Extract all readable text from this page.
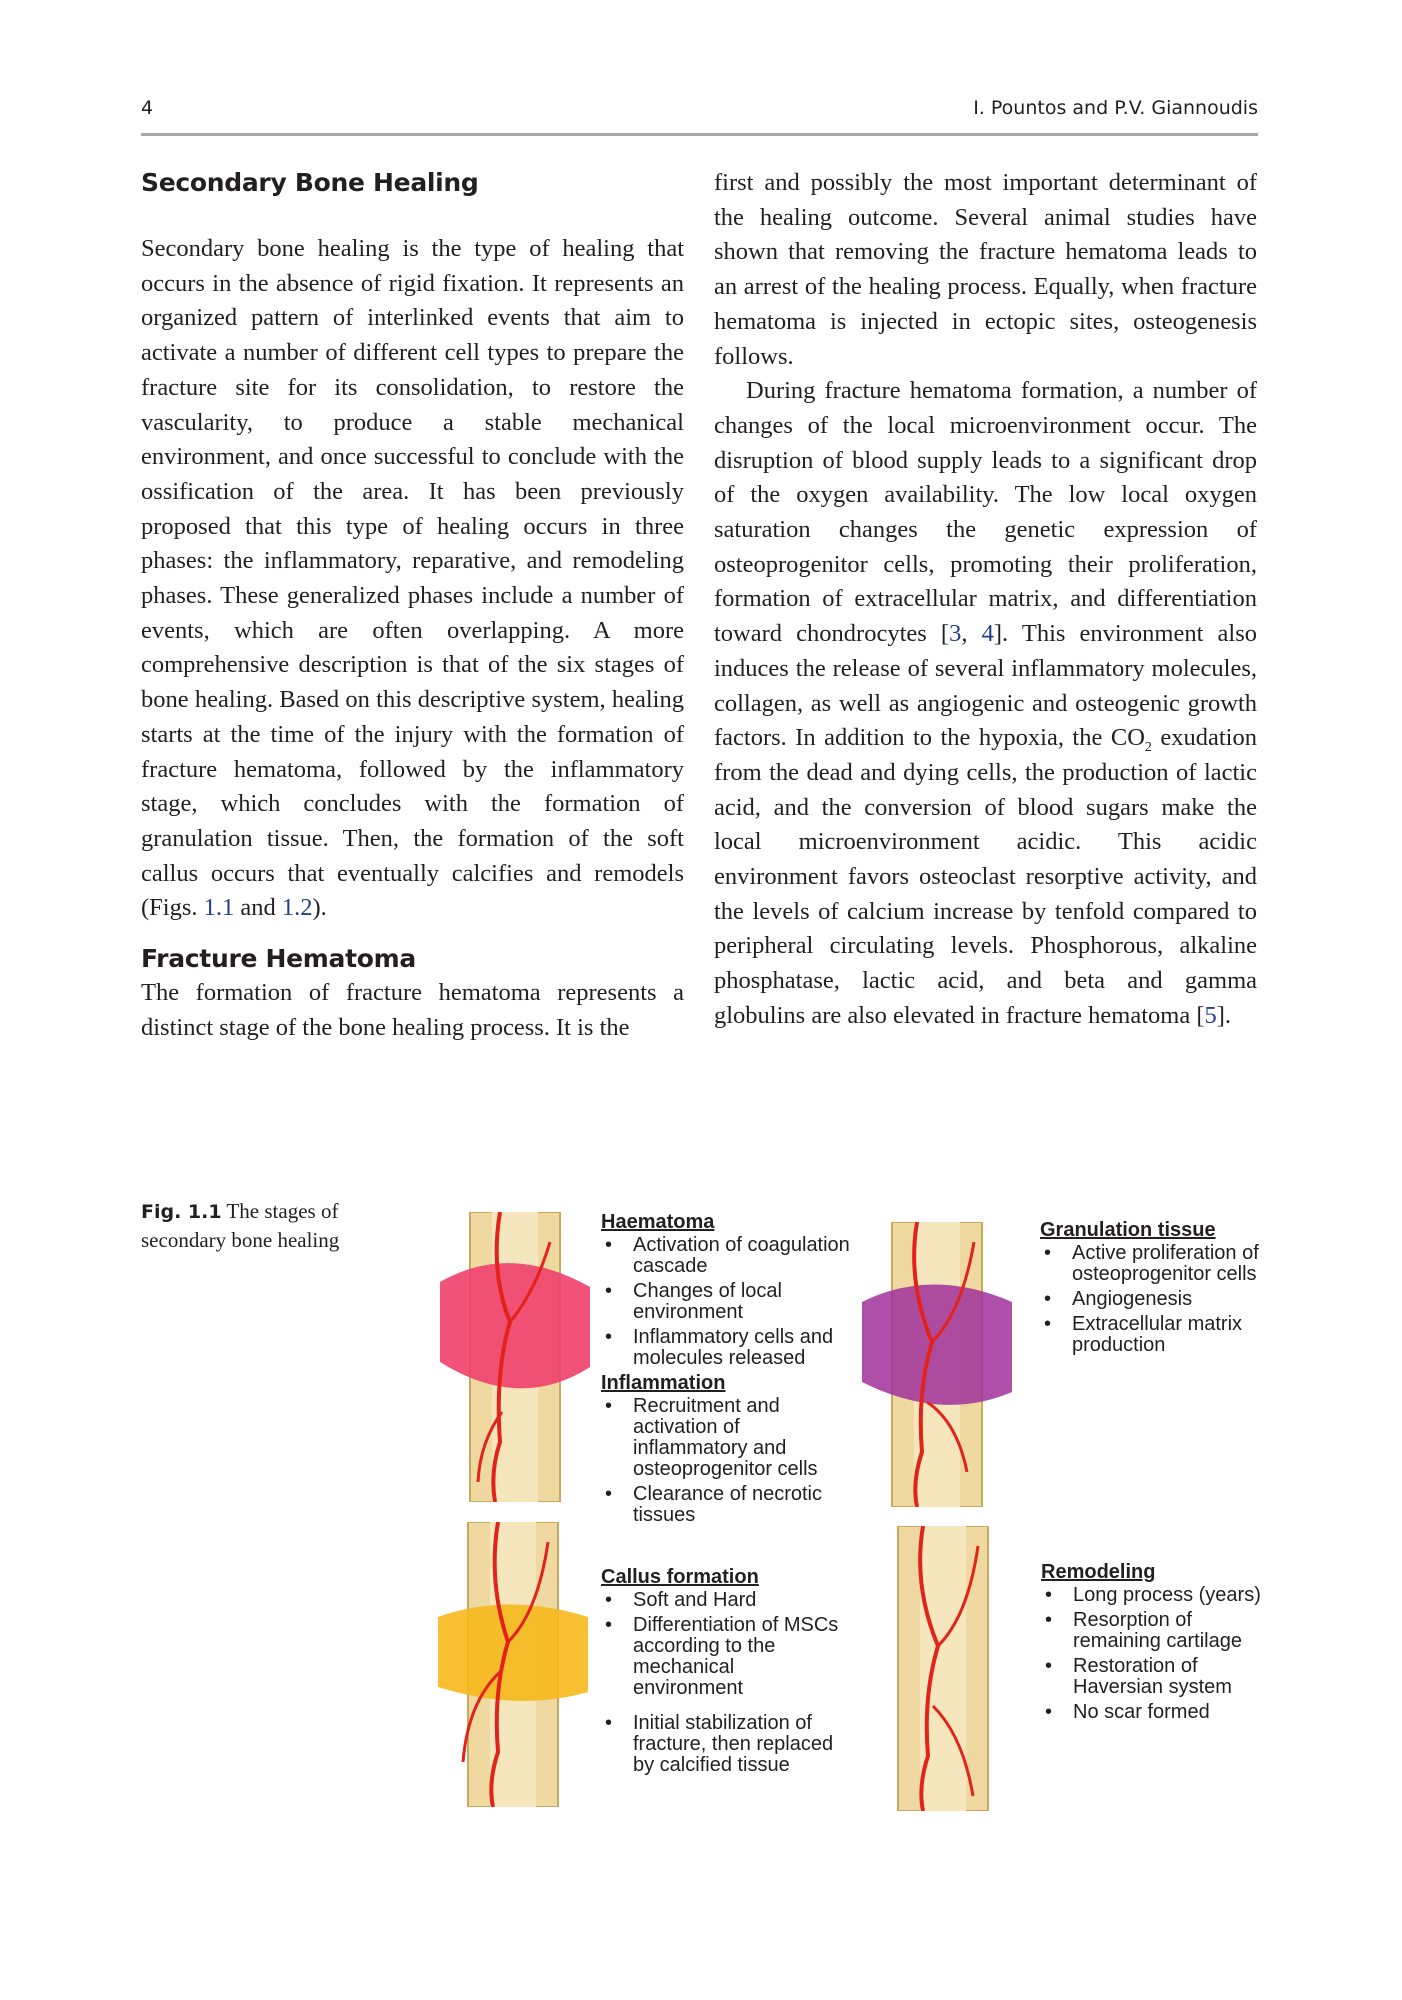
4	I. Pountos and P.V. Giannoudis
Secondary Bone Healing

Secondary bone healing is the type of healing that occurs in the absence of rigid fixation. It represents an organized pattern of interlinked events that aim to activate a number of different cell types to prepare the fracture site for its consolidation, to restore the vascularity, to produce a stable mechanical environment, and once successful to conclude with the ossification of the area. It has been previously proposed that this type of healing occurs in three phases: the inflammatory, reparative, and remodeling phases. These generalized phases include a number of events, which are often overlapping. A more comprehensive description is that of the six stages of bone healing. Based on this descriptive system, healing starts at the time of the injury with the formation of fracture hematoma, followed by the inflammatory stage, which concludes with the formation of granulation tissue. Then, the formation of the soft callus occurs that eventually calcifies and remodels (Figs. 1.1 and 1.2).

Fracture Hematoma

The formation of fracture hematoma represents a distinct stage of the bone healing process. It is the

first and possibly the most important determinant of the healing outcome. Several animal studies have shown that removing the fracture hematoma leads to an arrest of the healing process. Equally, when fracture hematoma is injected in ectopic sites, osteogenesis follows.

During fracture hematoma formation, a number of changes of the local microenvironment occur. The disruption of blood supply leads to a significant drop of the oxygen availability. The low local oxygen saturation changes the genetic expression of osteoprogenitor cells, promoting their proliferation, formation of extracellular matrix, and differentiation toward chondrocytes [3, 4]. This environment also induces the release of several inflammatory molecules, collagen, as well as angiogenic and osteogenic growth factors. In addition to the hypoxia, the $CO_2$ exudation from the dead and dying cells, the production of lactic acid, and the conversion of blood sugars make the local microenvironment acidic. This acidic environment favors osteoclast resorptive activity, and the levels of calcium increase by tenfold compared to peripheral circulating levels. Phosphorous, alkaline phosphatase, lactic acid, and beta and gamma globulins are also elevated in fracture hematoma [5].

Fig. 1.1 The stages of secondary bone healing
Haematoma
• Activation of coagulation cascade
• Changes of local environment
• Inflammatory cells and molecules released
Inflammation
• Recruitment and activation of inflammatory and osteoprogenitor cells
• Clearance of necrotic tissues
Granulation tissue
• Active proliferation of osteoprogenitor cells
• Angiogenesis
• Extracellular matrix production
Callus formation
• Soft and Hard
• Differentiation of MSCs according to the mechanical environment
• Initial stabilization of fracture, then replaced by calcified tissue
Remodeling
• Long process (years)
• Resorption of remaining cartilage
• Restoration of Haversian system
• No scar formed
